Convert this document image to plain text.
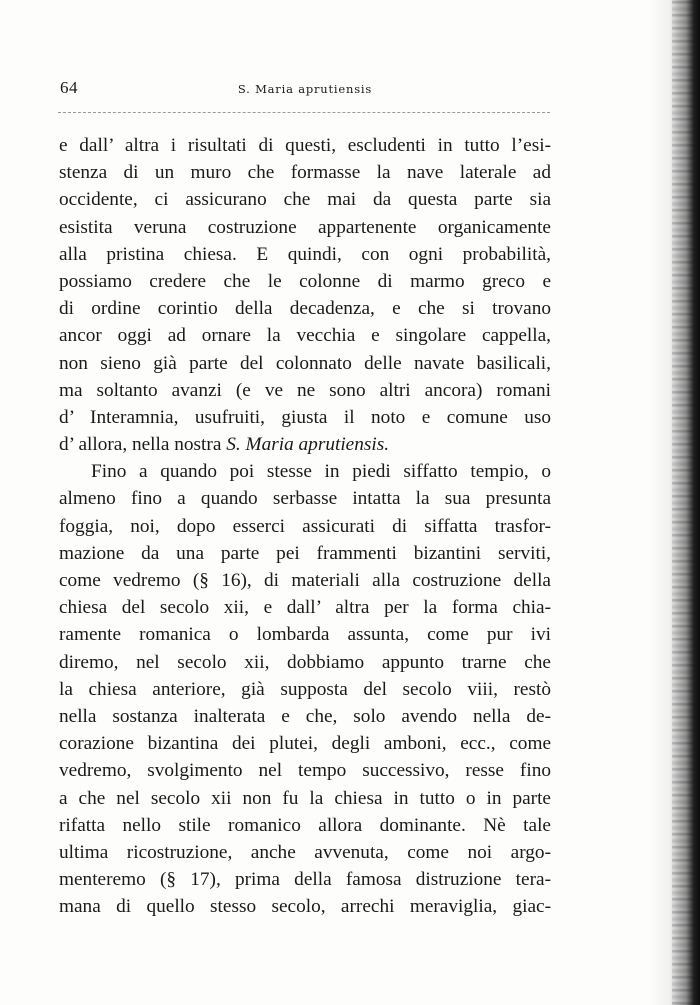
64	S. Maria aprutiensis
e dall’ altra i risultati di questi, escludenti in tutto l’esi-
stenza di un muro che formasse la nave laterale ad
occidente, ci assicurano che mai da questa parte sia
esistita veruna costruzione appartenente organicamente
alla pristina chiesa. E quindi, con ogni probabilità,
possiamo credere che le colonne di marmo greco e
di ordine corintio della decadenza, e che si trovano
ancor oggi ad ornare la vecchia e singolare cappella,
non sieno già parte del colonnato delle navate basilicali,
ma soltanto avanzi (e ve ne sono altri ancora) romani
d’ Interamnia, usufruiti, giusta il noto e comune uso
d’ allora, nella nostra S. Maria aprutiensis.
Fino a quando poi stesse in piedi siffatto tempio, o
almeno fino a quando serbasse intatta la sua presunta
foggia, noi, dopo esserci assicurati di siffatta trasfor-
mazione da una parte pei frammenti bizantini serviti,
come vedremo (§ 16), di materiali alla costruzione della
chiesa del secolo xii, e dall’ altra per la forma chia-
ramente romanica o lombarda assunta, come pur ivi
diremo, nel secolo xii, dobbiamo appunto trarne che
la chiesa anteriore, già supposta del secolo viii, restò
nella sostanza inalterata e che, solo avendo nella de-
corazione bizantina dei plutei, degli amboni, ecc., come
vedremo, svolgimento nel tempo successivo, resse fino
a che nel secolo xii non fu la chiesa in tutto o in parte
rifatta nello stile romanico allora dominante. Nè tale
ultima ricostruzione, anche avvenuta, come noi argo-
menteremo (§ 17), prima della famosa distruzione tera-
mana di quello stesso secolo, arrechi meraviglia, giac-
